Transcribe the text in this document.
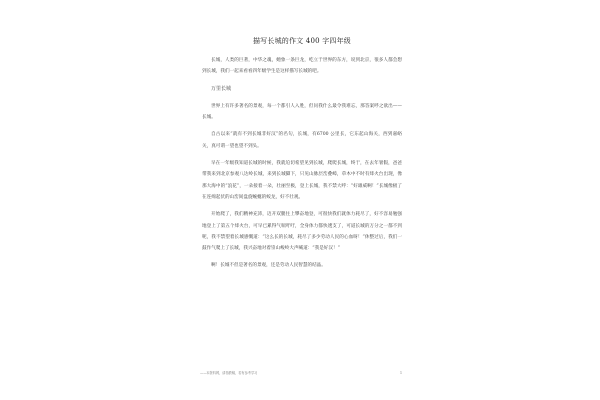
描写长城的作文 400 字四年级

长城，人类的巨著，中华之魂，她象一条巨龙，屹立于世界的东方，说到北京，很多人都会想到长城，我们一起来看看四年级学生是这样描写长城的吧。

万里长城

世界上有许多著名的景观，每一个都引人入胜，但问我什么最令我难忘，那答案呼之欲出——长城。

自古以来“就有不到长城非好汉”的名句，长城，有6700 公里长，它东起山海关，西到嘉峪关，真可谓一望也望不到头。

早在一年级我知道长城的时候，我就迫切希望见到长城，爬爬长城，终于，在去年暑假，爸爸带我来到北京参观八达岭长城，来到长城脚下，只见山脉层峦叠嶂，草木中不时有烽火台出现，像那大海中的“浪花”，一朵接着一朵，壮丽至极，登上长城，我不禁大呼：“好雄威啊！”长城像极了在连绵起伏的山峦间盘旋蜿蜒的蛟龙，好不壮观。

开始爬了，我们精神充沛，迈开双腿往上攀奋地登，可很快我们就体力耗尽了，好不容易勉强地登上了第五个烽火台，可早已累得气喘吁吁，全身体力都快透支了，可道长城的万分之一都不到呢，我不禁望着长城感慨道：“这么长的长城，耗尽了多少劳动人民的心血呀！”休整过后，我们一鼓作气爬上了长城，我兴奋地对着崇山峻岭大声喊道：“我是好汉！”

啊！长城不但是著名的景观，还是劳动人民智慧的结晶。

——本资料网，请指教稿，若有参考学习	1
